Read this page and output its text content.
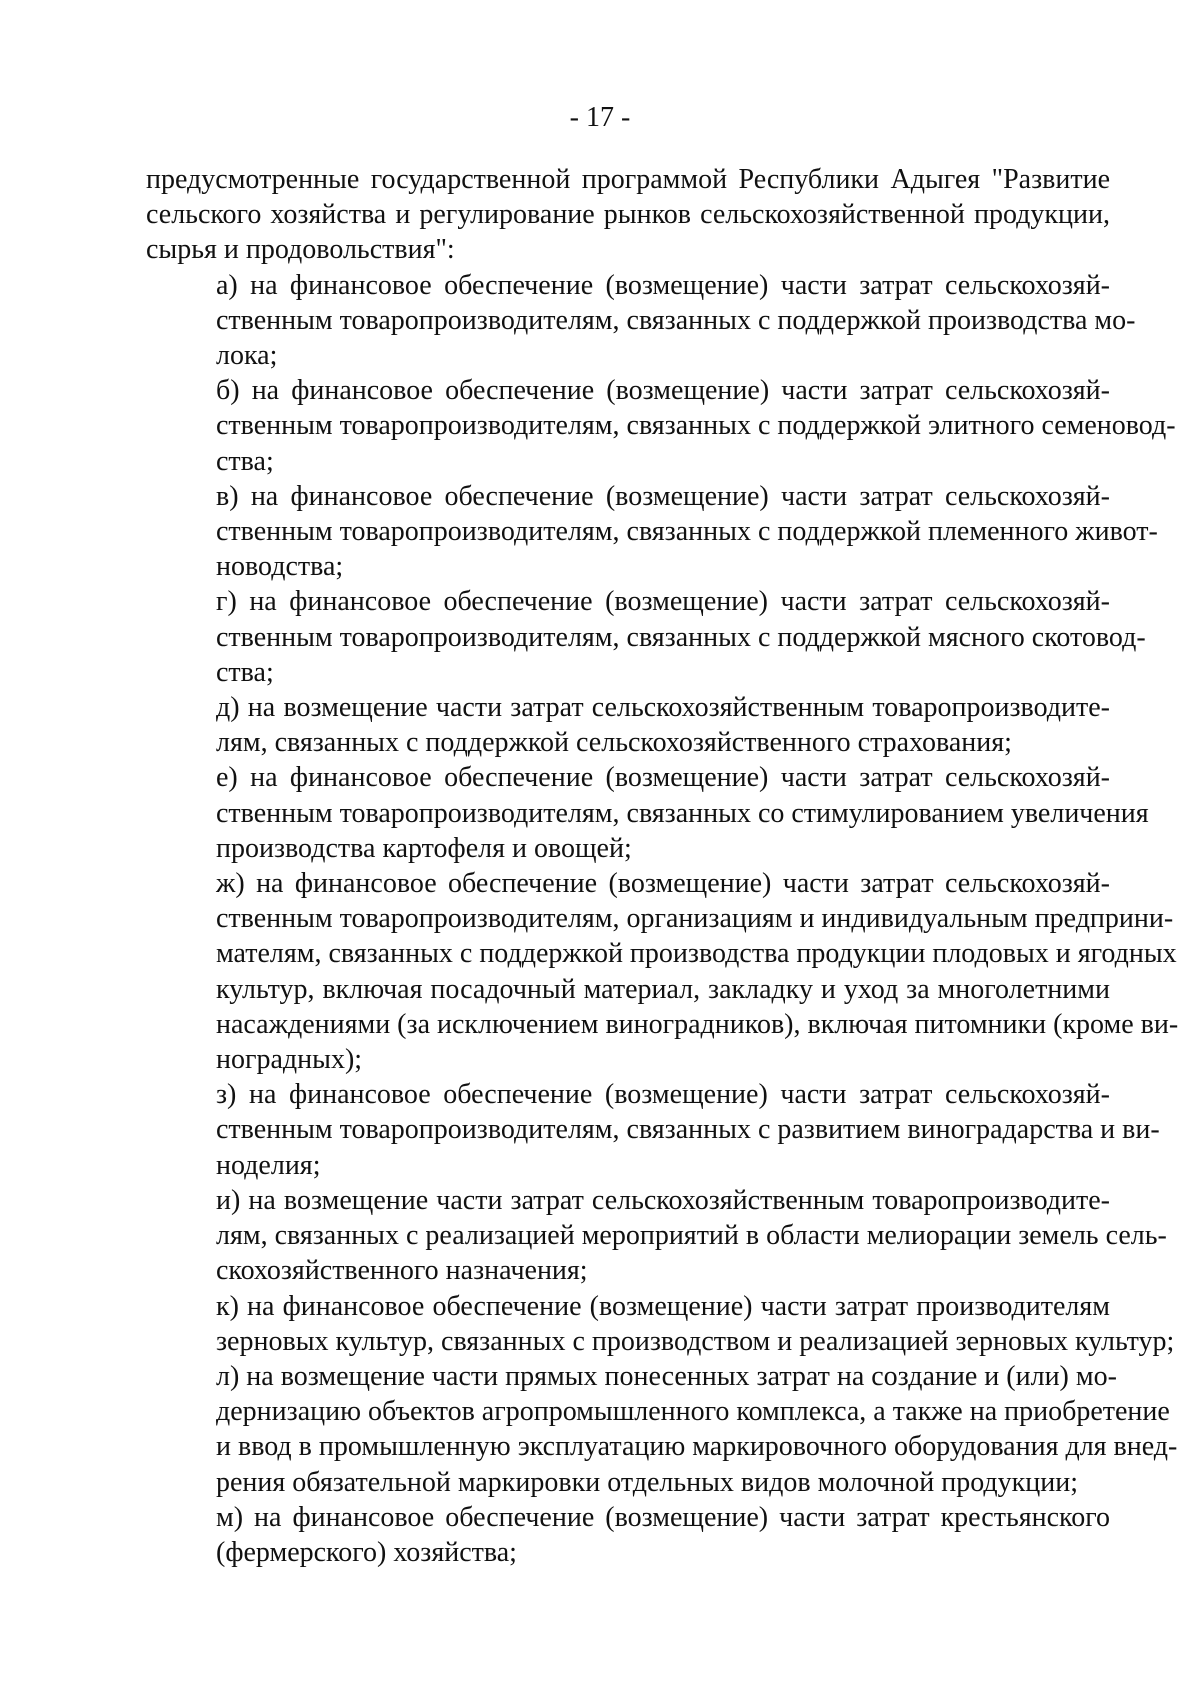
- 17 -
предусмотренные государственной программой Республики Адыгея "Развитие
сельского хозяйства и регулирование рынков сельскохозяйственной продукции,
сырья и продовольствия":
а) на финансовое обеспечение (возмещение) части затрат сельскохозяй-
ственным товаропроизводителям, связанных с поддержкой производства мо-
лока;
б) на финансовое обеспечение (возмещение) части затрат сельскохозяй-
ственным товаропроизводителям, связанных с поддержкой элитного семеновод-
ства;
в) на финансовое обеспечение (возмещение) части затрат сельскохозяй-
ственным товаропроизводителям, связанных с поддержкой племенного живот-
новодства;
г) на финансовое обеспечение (возмещение) части затрат сельскохозяй-
ственным товаропроизводителям, связанных с поддержкой мясного скотовод-
ства;
д) на возмещение части затрат сельскохозяйственным товаропроизводите-
лям, связанных с поддержкой сельскохозяйственного страхования;
е) на финансовое обеспечение (возмещение) части затрат сельскохозяй-
ственным товаропроизводителям, связанных со стимулированием увеличения
производства картофеля и овощей;
ж) на финансовое обеспечение (возмещение) части затрат сельскохозяй-
ственным товаропроизводителям, организациям и индивидуальным предприни-
мателям, связанных с поддержкой производства продукции плодовых и ягодных
культур, включая посадочный материал, закладку и уход за многолетними
насаждениями (за исключением виноградников), включая питомники (кроме ви-
ноградных);
з) на финансовое обеспечение (возмещение) части затрат сельскохозяй-
ственным товаропроизводителям, связанных с развитием виноградарства и ви-
ноделия;
и) на возмещение части затрат сельскохозяйственным товаропроизводите-
лям, связанных с реализацией мероприятий в области мелиорации земель сель-
скохозяйственного назначения;
к) на финансовое обеспечение (возмещение) части затрат производителям
зерновых культур, связанных с производством и реализацией зерновых культур;
л) на возмещение части прямых понесенных затрат на создание и (или) мо-
дернизацию объектов агропромышленного комплекса, а также на приобретение
и ввод в промышленную эксплуатацию маркировочного оборудования для внед-
рения обязательной маркировки отдельных видов молочной продукции;
м) на финансовое обеспечение (возмещение) части затрат крестьянского
(фермерского) хозяйства;
